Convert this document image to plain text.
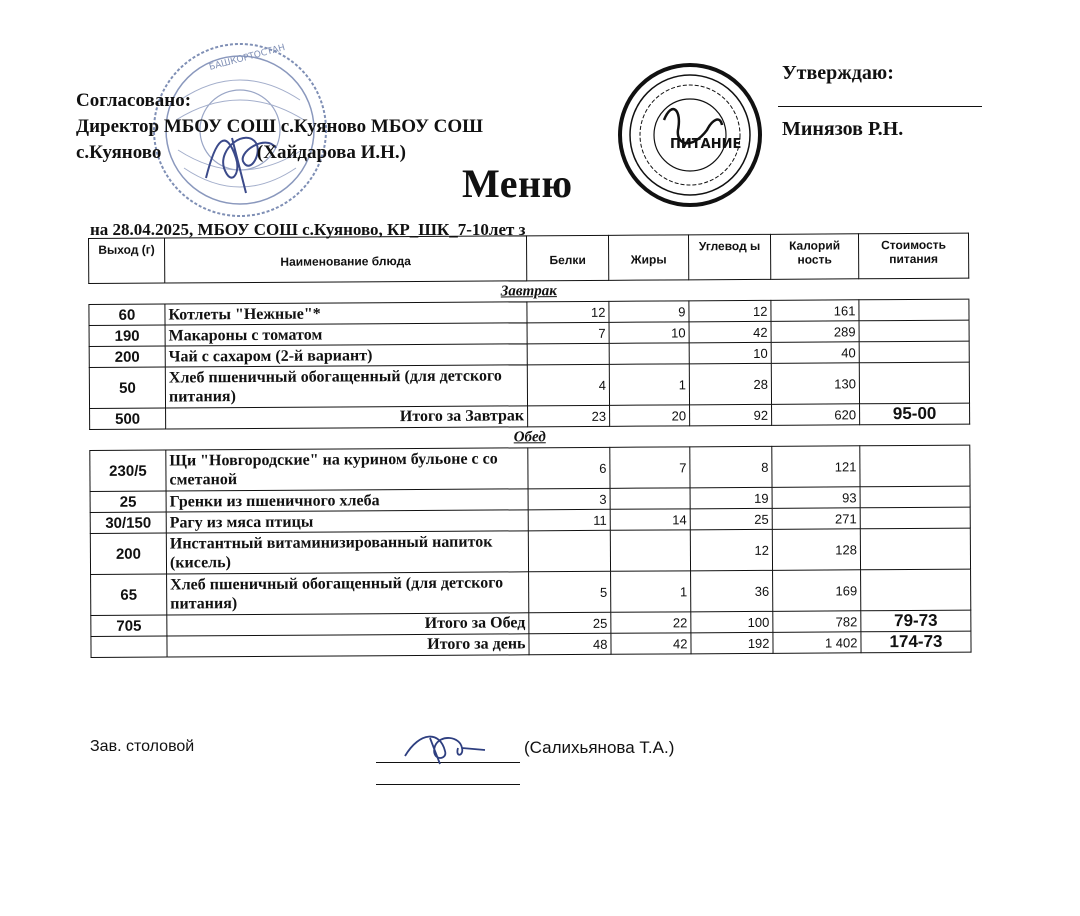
БАШКОРТОСТАН
ПИТАНИЕ
Согласовано:
Директор МБОУ СОШ с.Куяново МБОУ СОШ
с.Куяново	(Хайдарова И.Н.)
Утверждаю:
Минязов Р.Н.
Меню
на 28.04.2025, МБОУ СОШ с.Куяново, КР_ШК_7-10лет з
Выход (г)	Наименование блюда	Белки	Жиры	Углевод ы	Калорий ность	Стоимость питания
Завтрак						
60	Котлеты "Нежные"*	12	9	12	161	
190	Макароны с томатом	7	10	42	289	
200	Чай с сахаром (2-й вариант)			10	40	
50	Хлеб пшеничный обогащенный (для детского питания)	4	1	28	130	
500	Итого за Завтрак	23	20	92	620	95-00
Обед						
230/5	Щи "Новгородские" на курином бульоне с со сметаной	6	7	8	121	
25	Гренки из пшеничного хлеба	3		19	93	
30/150	Рагу из мяса птицы	11	14	25	271	
200	Инстантный витаминизированный напиток (кисель)			12	128	
65	Хлеб пшеничный обогащенный (для детского питания)	5	1	36	169	
705	Итого за Обед	25	22	100	782	79-73
	Итого за день	48	42	192	1 402	174-73
Зав. столовой	(Салихьянова Т.А.)
